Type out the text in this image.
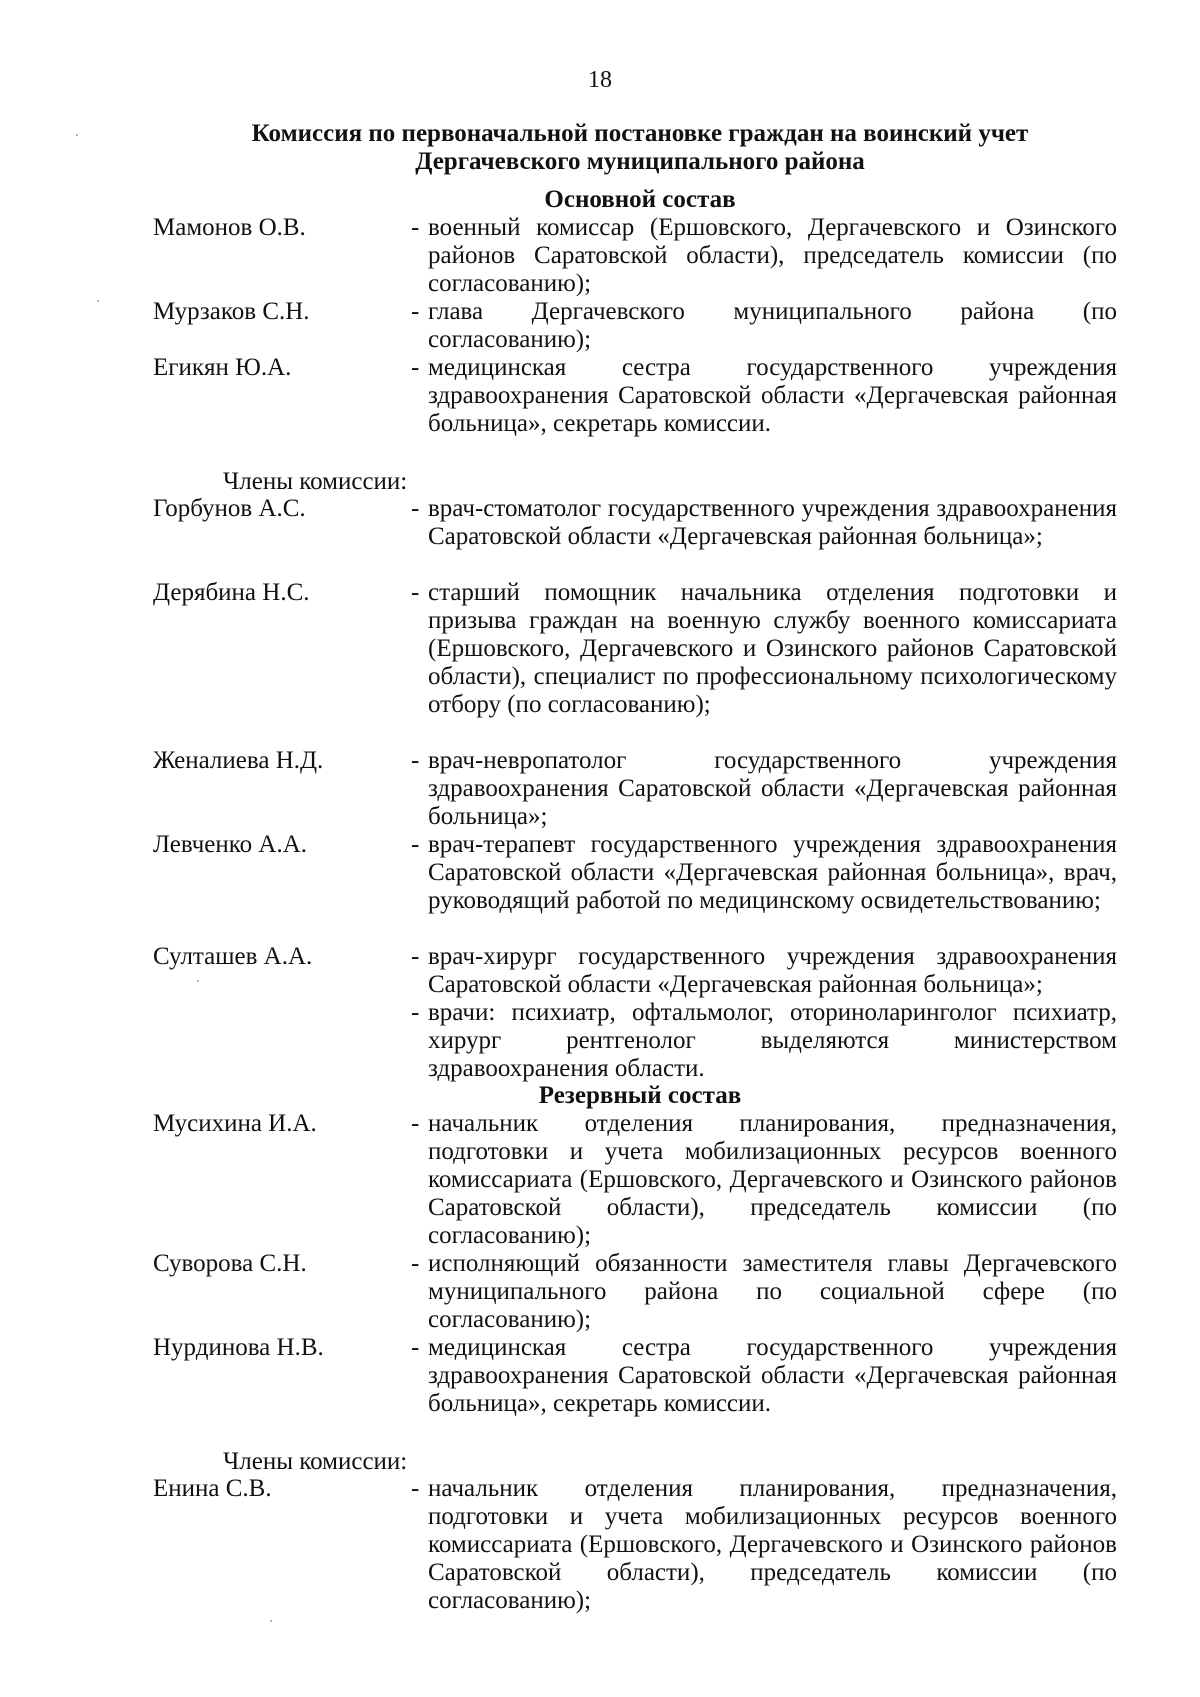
18
Комиссия по первоначальной постановке граждан на воинский учет
Дергачевского муниципального района
Основной состав
Мамонов О.В.	- военный комиссар (Ершовского, Дергачевского и Озинского районов Саратовской области), председатель комиссии (по согласованию);
Мурзаков С.Н.	- глава Дергачевского муниципального района (по согласованию);
Егикян Ю.А.	- медицинская сестра государственного учреждения здравоохранения Саратовской области «Дергачевская районная больница», секретарь комиссии.
Члены комиссии:
Горбунов А.С.	- врач-стоматолог государственного учреждения здравоохранения Саратовской области «Дергачевская районная больница»;
Дерябина Н.С.	- старший помощник начальника отделения подготовки и призыва граждан на военную службу военного комиссариата (Ершовского, Дергачевского и Озинского районов Саратовской области), специалист по профессиональному психологическому отбору (по согласованию);
Женалиева Н.Д.	- врач-невропатолог государственного учреждения здравоохранения Саратовской области «Дергачевская районная больница»;
Левченко А.А.	- врач-терапевт государственного учреждения здравоохранения Саратовской области «Дергачевская районная больница», врач, руководящий работой по медицинскому освидетельствованию;
Султашев А.А.	- врач-хирург государственного учреждения здравоохранения Саратовской области «Дергачевская районная больница»;
- врачи: психиатр, офтальмолог, оториноларинголог психиатр, хирург рентгенолог выделяются министерством здравоохранения области.
Резервный состав
Мусихина И.А.	- начальник отделения планирования, предназначения, подготовки и учета мобилизационных ресурсов военного комиссариата (Ершовского, Дергачевского и Озинского районов Саратовской области), председатель комиссии (по согласованию);
Суворова С.Н.	- исполняющий обязанности заместителя главы Дергачевского муниципального района по социальной сфере (по согласованию);
Нурдинова Н.В.	- медицинская сестра государственного учреждения здравоохранения Саратовской области «Дергачевская районная больница», секретарь комиссии.
Члены комиссии:
Енина С.В.	- начальник отделения планирования, предназначения, подготовки и учета мобилизационных ресурсов военного комиссариата (Ершовского, Дергачевского и Озинского районов Саратовской области), председатель комиссии (по согласованию);
